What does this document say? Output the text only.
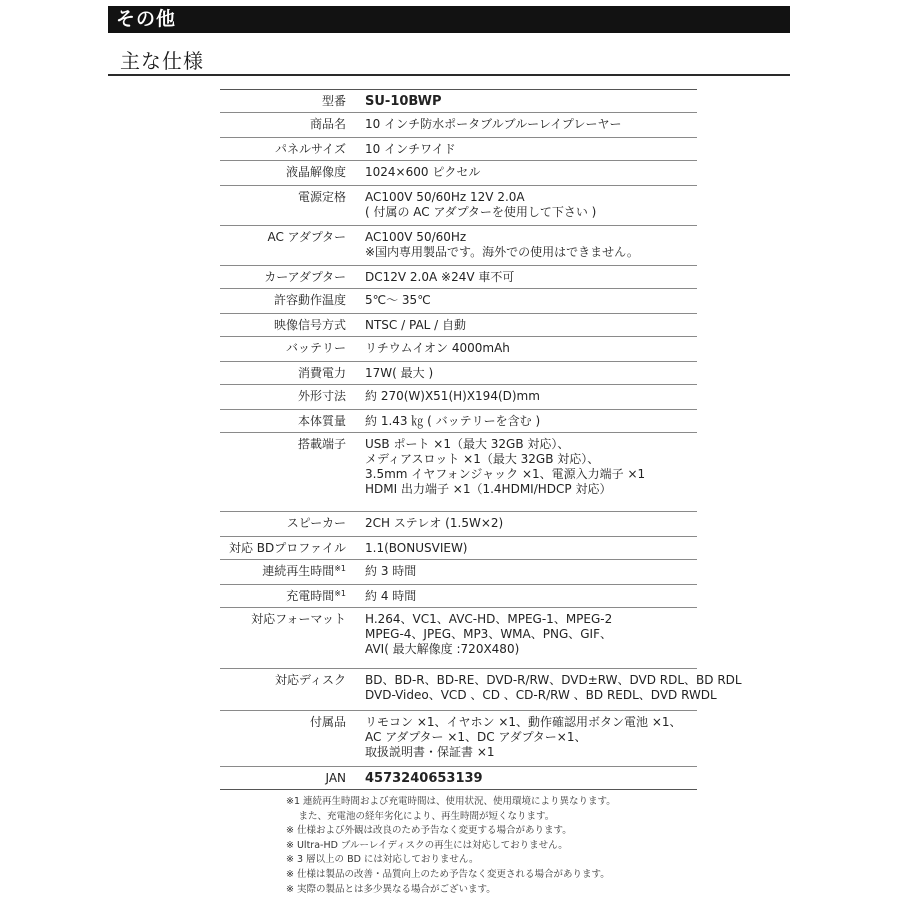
その他
主な仕様
型番 SU-10BWP
商品名 10 インチ防水ポータブルブルーレイプレーヤー
パネルサイズ 10 インチワイド
液晶解像度 1024×600 ピクセル
電源定格 AC100V 50/60Hz 12V 2.0A
( 付属の AC アダプターを使用して下さい )
AC アダプター AC100V 50/60Hz
※国内専用製品です。海外での使用はできません。
カーアダプター DC12V 2.0A ※24V 車不可
許容動作温度 5℃～ 35℃
映像信号方式 NTSC / PAL / 自動
バッテリー リチウムイオン 4000mAh
消費電力 17W( 最大 )
外形寸法 約 270(W)X51(H)X194(D)mm
本体質量 約 1.43 ㎏ ( バッテリーを含む )
搭載端子 USB ポート ×1（最大 32GB 対応）、
メディアスロット ×1（最大 32GB 対応）、
3.5mm イヤフォンジャック ×1、電源入力端子 ×1
HDMI 出力端子 ×1（1.4HDMI/HDCP 対応）
スピーカー 2CH ステレオ (1.5W×2)
対応 BDプロファイル 1.1(BONUSVIEW)
連続再生時間$^{※1}$ 約 3 時間
充電時間$^{※1}$ 約 4 時間
対応フォーマット H.264、VC1、AVC-HD、MPEG-1、MPEG-2
MPEG-4、JPEG、MP3、WMA、PNG、GIF、
AVI( 最大解像度 :720X480)
対応ディスク BD、BD-R、BD-RE、DVD-R/RW、DVD±RW、DVD RDL、BD RDL
DVD-Video、VCD 、CD 、CD-R/RW 、BD REDL、DVD RWDL
付属品 リモコン ×1、イヤホン ×1、動作確認用ボタン電池 ×1、
AC アダプター ×1、DC アダプター×1、
取扱説明書・保証書 ×1
JAN 4573240653139
※1 連続再生時間および充電時間は、使用状況、使用環境により異なります。
　 また、充電池の経年劣化により、再生時間が短くなります。
※ 仕様および外観は改良のため予告なく変更する場合があります。
※ Ultra-HD ブルーレイディスクの再生には対応しておりません。
※ 3 層以上の BD には対応しておりません。
※ 仕様は製品の改善・品質向上のため予告なく変更される場合があります。
※ 実際の製品とは多少異なる場合がございます。
